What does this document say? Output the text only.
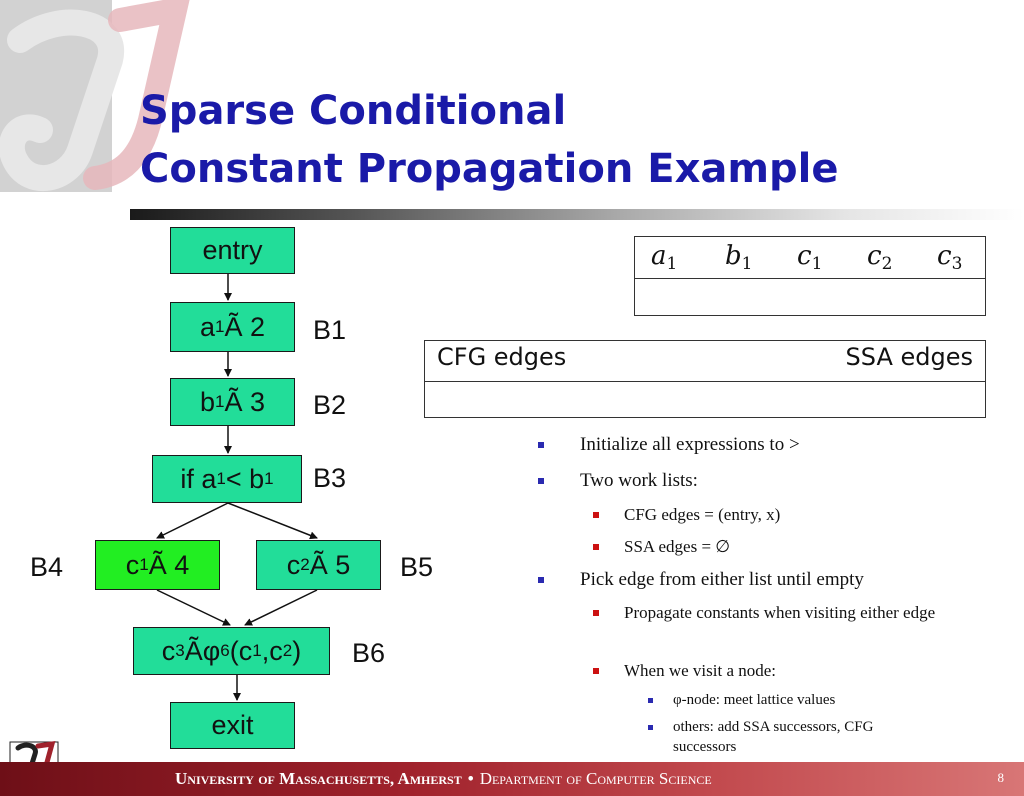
Sparse Conditional
Constant Propagation Example
entry
a 1 Ã 2 B1
b 1 Ã 3 B2
if a 1 < b 1 B3
c 1 Ã 4
B4	c 2 Ã 5 B5
c 3 Ã φ 6 (c 1 ,c 2 ) B6
exit
$a_1$ $b_1$ $c_1$ $c_2$ $c_3$
CFG edges	SSA edges
Initialize all expressions to >
Two work lists:
CFG edges = (entry, x)
SSA edges = ∅
Pick edge from either list until empty
Propagate constants when visiting either edge
When we visit a node:
φ-node: meet lattice values
others: add SSA successors, CFG successors
University of Massachusetts, Amherst • Department of Computer Science	8
